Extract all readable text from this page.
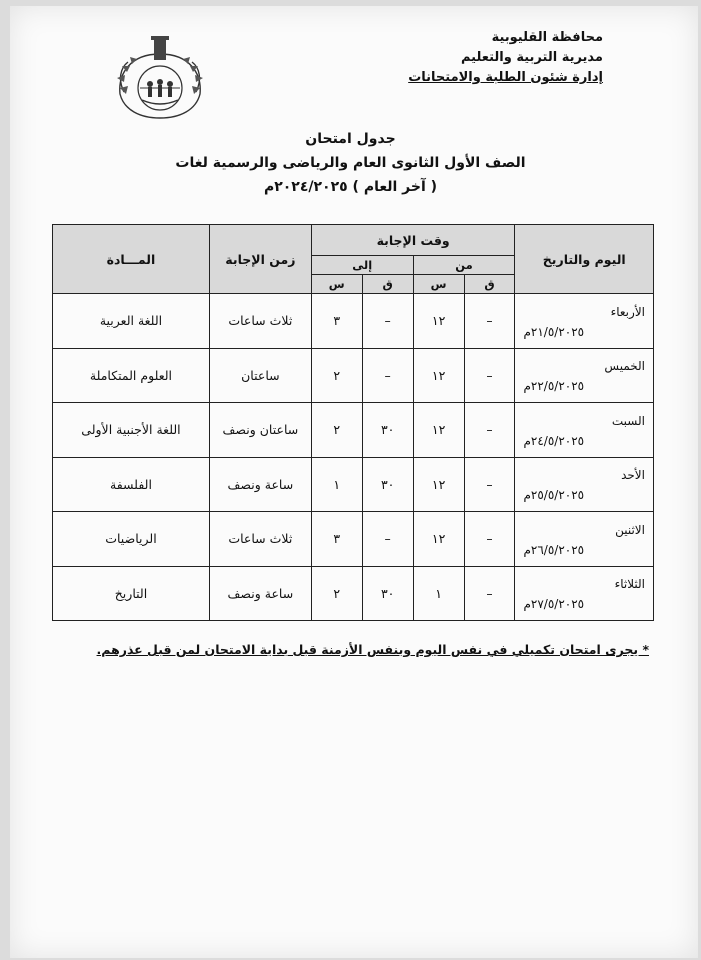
محافظة القليوبية
مديرية التربية والتعليم
إدارة شئون الطلبة والامتحانات
جدول امتحان
الصف الأول الثانوى العام والرياضى والرسمية لغات
( آخر العام ) ٢٠٢٤/٢٠٢٥م
اليوم والتاريخ	وقت الإجابة				زمن الإجابة	المـــادة
	من		إلى			
	ق	س	ق	س		

الأربعاء
٢١/٥/٢٠٢٥م	–	١٢	–	٣	ثلاث ساعات	اللغة العربية

الخميس
٢٢/٥/٢٠٢٥م	–	١٢	–	٢	ساعتان	العلوم المتكاملة

السبت
٢٤/٥/٢٠٢٥م	–	١٢	٣٠	٢	ساعتان ونصف	اللغة الأجنبية الأولى

الأحد
٢٥/٥/٢٠٢٥م	–	١٢	٣٠	١	ساعة ونصف	الفلسفة

الاثنين
٢٦/٥/٢٠٢٥م	–	١٢	–	٣	ثلاث ساعات	الرياضيات

الثلاثاء
٢٧/٥/٢٠٢٥م	–	١	٣٠	٢	ساعة ونصف	التاريخ
* يجرى امتحان تكميلي في نفس اليوم وبنفس الأزمنة قبل بداية الامتحان لمن قبل عذرهم.
